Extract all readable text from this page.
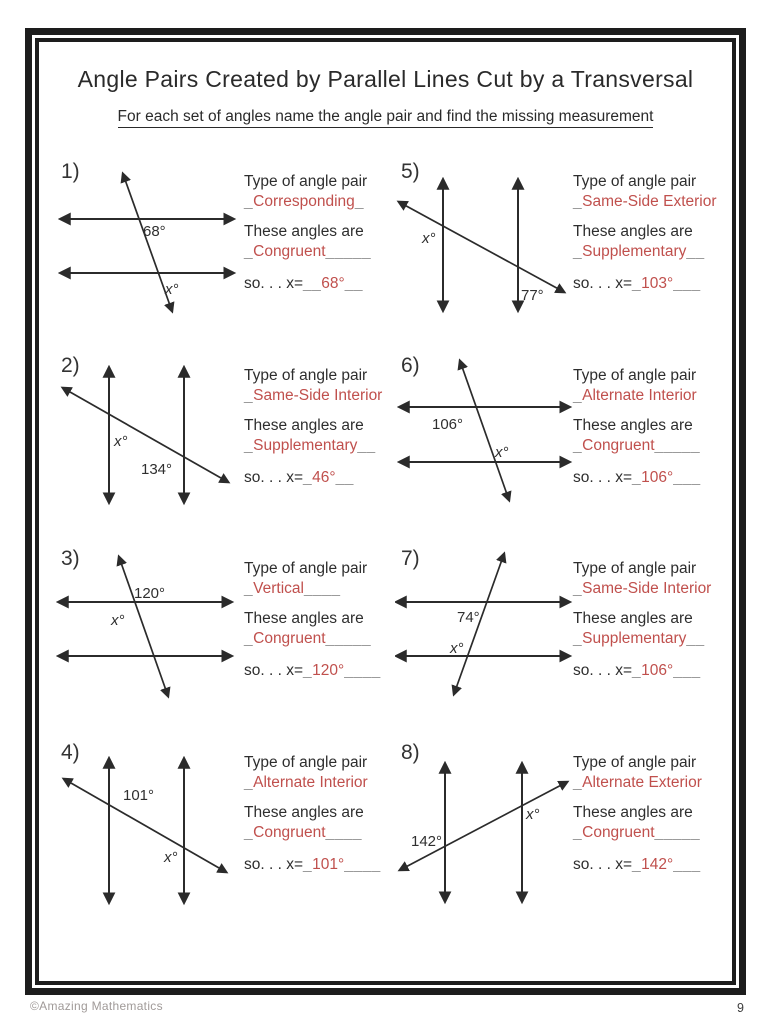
Angle Pairs Created by Parallel Lines Cut by a Transversal
For each set of angles name the angle pair and find the missing measurement
1)
68°
x°
Type of angle pair
_Corresponding_
These angles are
_Congruent_____
so. . . x=__68°__
2)
x°
134°
Type of angle pair
_Same-Side Interior
These angles are
_Supplementary__
so. . . x=_46°__
3)
120°
x°
Type of angle pair
_Vertical____
These angles are
_Congruent_____
so. . . x=_120°____
4)
101°
x°
Type of angle pair
_Alternate Interior
These angles are
_Congruent____
so. . . x=_101°____
5)
x°
77°
Type of angle pair
_Same-Side Exterior
These angles are
_Supplementary__
so. . . x=_103°___
6)
106°
x°
Type of angle pair
_Alternate Interior
These angles are
_Congruent_____
so. . . x=_106°___
7)
74°
x°
Type of angle pair
_Same-Side Interior
These angles are
_Supplementary__
so. . . x=_106°___
8)
142°
x°
Type of angle pair
_Alternate Exterior
These angles are
_Congruent_____
so. . . x=_142°___
©Amazing Mathematics	9
